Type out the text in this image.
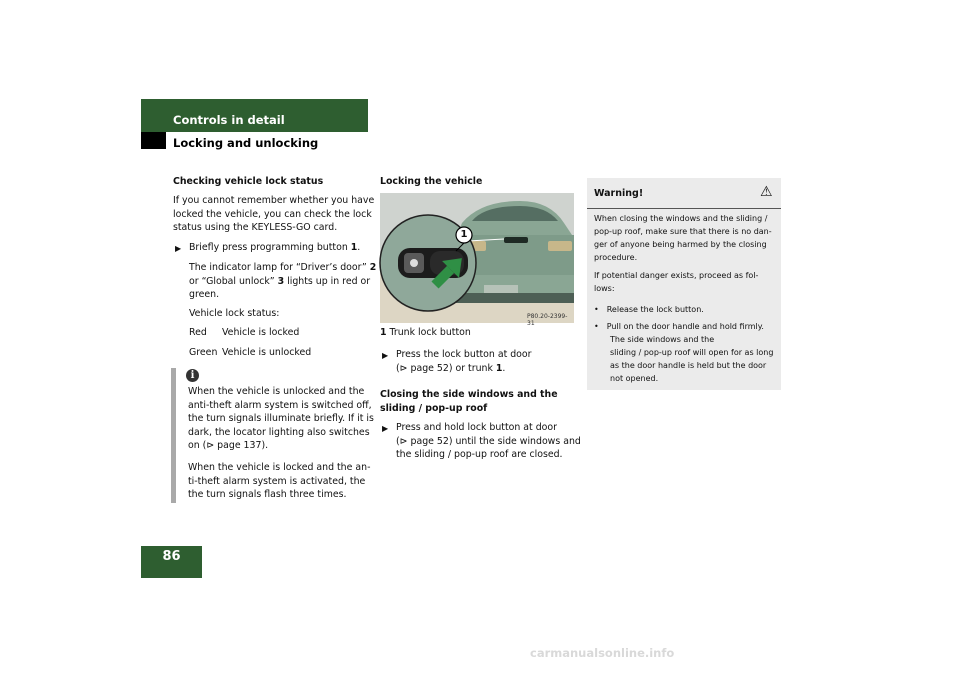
Controls in detail
Locking and unlocking
Checking vehicle lock status
If you cannot remember whether you have
locked the vehicle, you can check the lock
status using the KEYLESS-GO card.
▶ Briefly press programming button 1.
The indicator lamp for “Driver’s door” 2
or “Global unlock” 3 lights up in red or
green.
Vehicle lock status:
Red Vehicle is locked
Green Vehicle is unlocked
i
When the vehicle is unlocked and the
anti-theft alarm system is switched off,
the turn signals illuminate briefly. If it is
dark, the locator lighting also switches
on (⊳ page 137).
When the vehicle is locked and the an-
ti-theft alarm system is activated, the
the turn signals flash three times.
Locking the vehicle
1
P80.20-2399-31
1 Trunk lock button
▶ Press the lock button at door
(⊳ page 52) or trunk 1.
Closing the side windows and the
sliding / pop-up roof
▶ Press and hold lock button at door
(⊳ page 52) until the side windows and
the sliding / pop-up roof are closed.
Warning!	⚠
When closing the windows and the sliding /
pop-up roof, make sure that there is no dan-
ger of anyone being harmed by the closing
procedure.
If potential danger exists, proceed as fol-
lows:
• Release the lock button.
• Pull on the door handle and hold firmly.
The side windows and the
sliding / pop-up roof will open for as long
as the door handle is held but the door
not opened.
86
carmanualsonline.info
